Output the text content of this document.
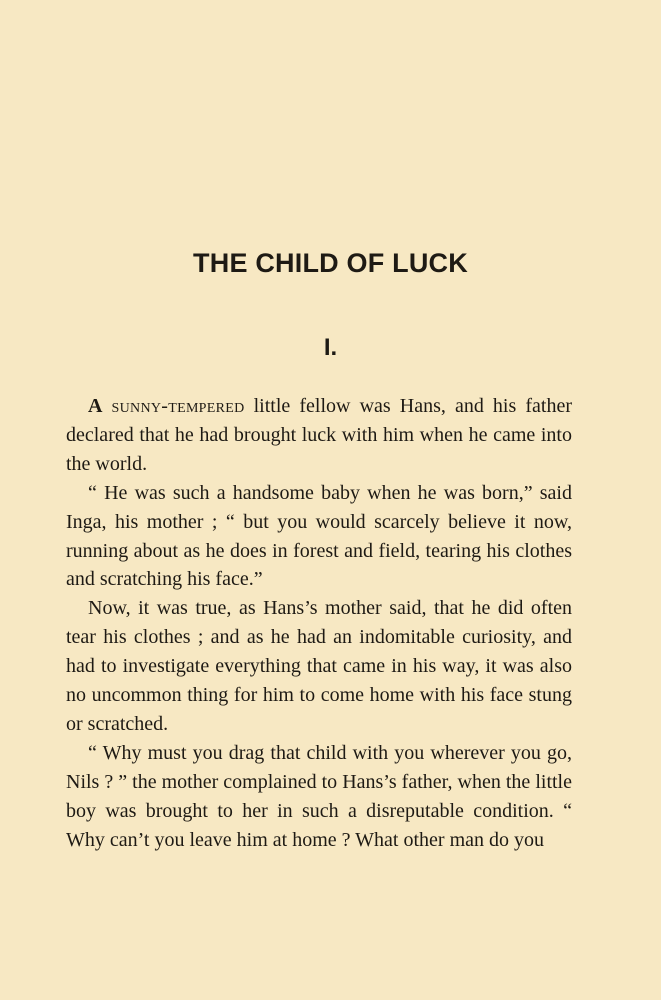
THE CHILD OF LUCK
I.

A sunny-tempered little fellow was Hans, and his father declared that he had brought luck with him when he came into the world.

“ He was such a handsome baby when he was born,” said Inga, his mother ; “ but you would scarcely believe it now, running about as he does in forest and field, tearing his clothes and scratching his face.”

Now, it was true, as Hans’s mother said, that he did often tear his clothes ; and as he had an indomitable curiosity, and had to investigate everything that came in his way, it was also no uncommon thing for him to come home with his face stung or scratched.

“ Why must you drag that child with you wherever you go, Nils ? ” the mother complained to Hans’s father, when the little boy was brought to her in such a disreputable condition. “ Why can’t you leave him at home ? What other man do you
